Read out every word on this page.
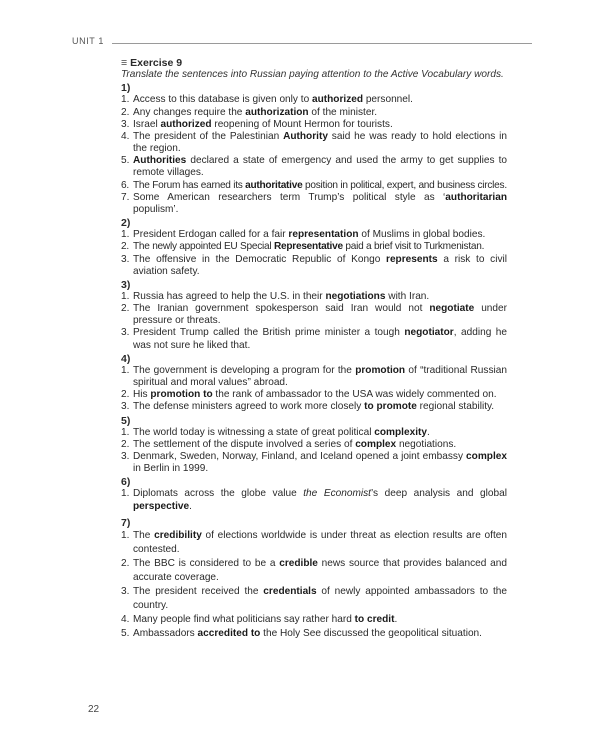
UNIT 1
≡ Exercise 9
Translate the sentences into Russian paying attention to the Active Vocabulary words.
1)
1. Access to this database is given only to authorized personnel.
2. Any changes require the authorization of the minister.
3. Israel authorized reopening of Mount Hermon for tourists.
4. The president of the Palestinian Authority said he was ready to hold elections in the region.
5. Authorities declared a state of emergency and used the army to get supplies to remote villages.
6. The Forum has earned its authoritative position in political, expert, and business circles.
7. Some American researchers term Trump’s political style as ‘authoritarian populism’.
2)
1. President Erdogan called for a fair representation of Muslims in global bodies.
2. The newly appointed EU Special Representative paid a brief visit to Turkmenistan.
3. The offensive in the Democratic Republic of Kongo represents a risk to civil aviation safety.
3)
1. Russia has agreed to help the U.S. in their negotiations with Iran.
2. The Iranian government spokesperson said Iran would not negotiate under pressure or threats.
3. President Trump called the British prime minister a tough negotiator, adding he was not sure he liked that.
4)
1. The government is developing a program for the promotion of “traditional Russian spiritual and moral values” abroad.
2. His promotion to the rank of ambassador to the USA was widely commented on.
3. The defense ministers agreed to work more closely to promote regional stability.
5)
1. The world today is witnessing a state of great political complexity.
2. The settlement of the dispute involved a series of complex negotiations.
3. Denmark, Sweden, Norway, Finland, and Iceland opened a joint embassy complex in Berlin in 1999.
6)
1. Diplomats across the globe value the Economist’s deep analysis and global perspective.
7)
1. The credibility of elections worldwide is under threat as election results are often contested.
2. The BBC is considered to be a credible news source that provides balanced and accurate coverage.
3. The president received the credentials of newly appointed ambassadors to the country.
4. Many people find what politicians say rather hard to credit.
5. Ambassadors accredited to the Holy See discussed the geopolitical situation.
22
